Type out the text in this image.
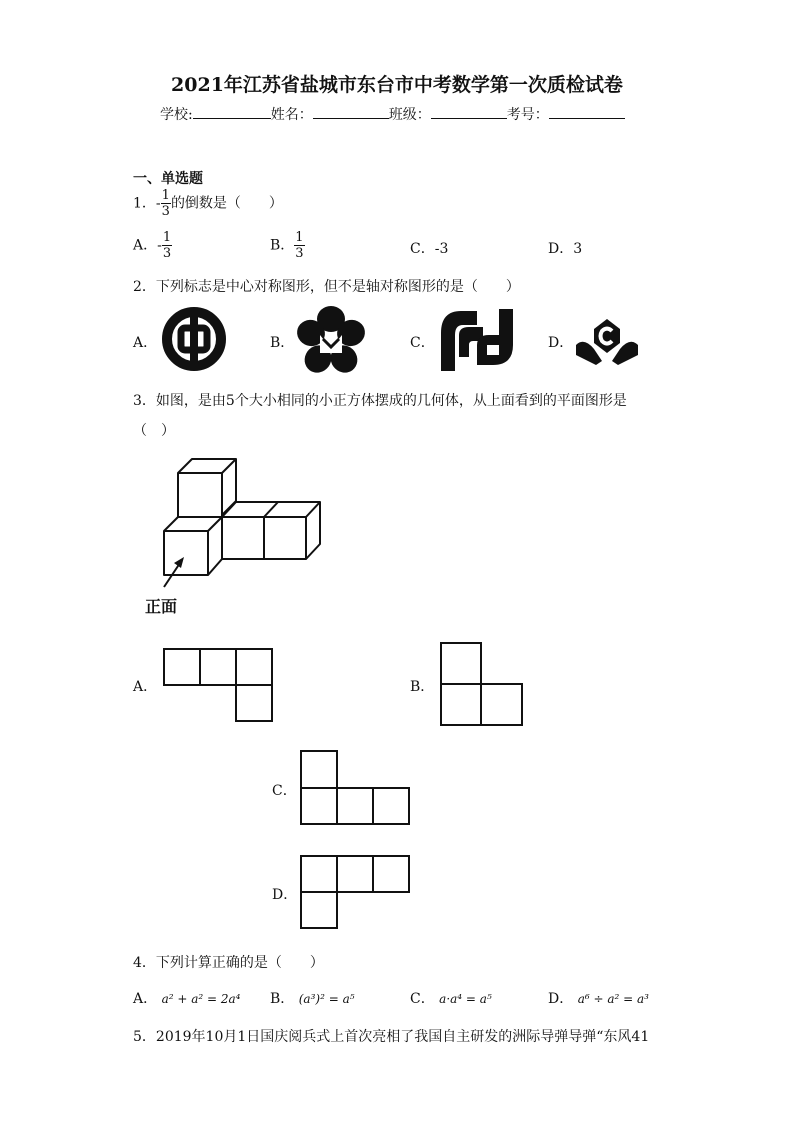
2021年江苏省盐城市东台市中考数学第一次质检试卷
学校:	姓名：	班级：	考号：
一、单选题
1．- $\frac{1}{3}$ 的倒数是（　　）
A．- $\frac{1}{3}$	B． $\frac{1}{3}$	C．-3	D．3
2．下列标志是中心对称图形，但不是轴对称图形的是（　　）
A．	B．	C．	D．
3．如图，是由5个大小相同的小正方体摆成的几何体，从上面看到的平面图形是
（　）
正面
A．	B．
C．
D．
4．下列计算正确的是（　　）
A． a² + a² = 2a⁴ B． (a³)² = a⁵	C． a·a⁴ = a⁵	D． a⁶ ÷ a² = a³
5．2019年10月1日国庆阅兵式上首次亮相了我国自主研发的洲际导弹导弹“东风41
